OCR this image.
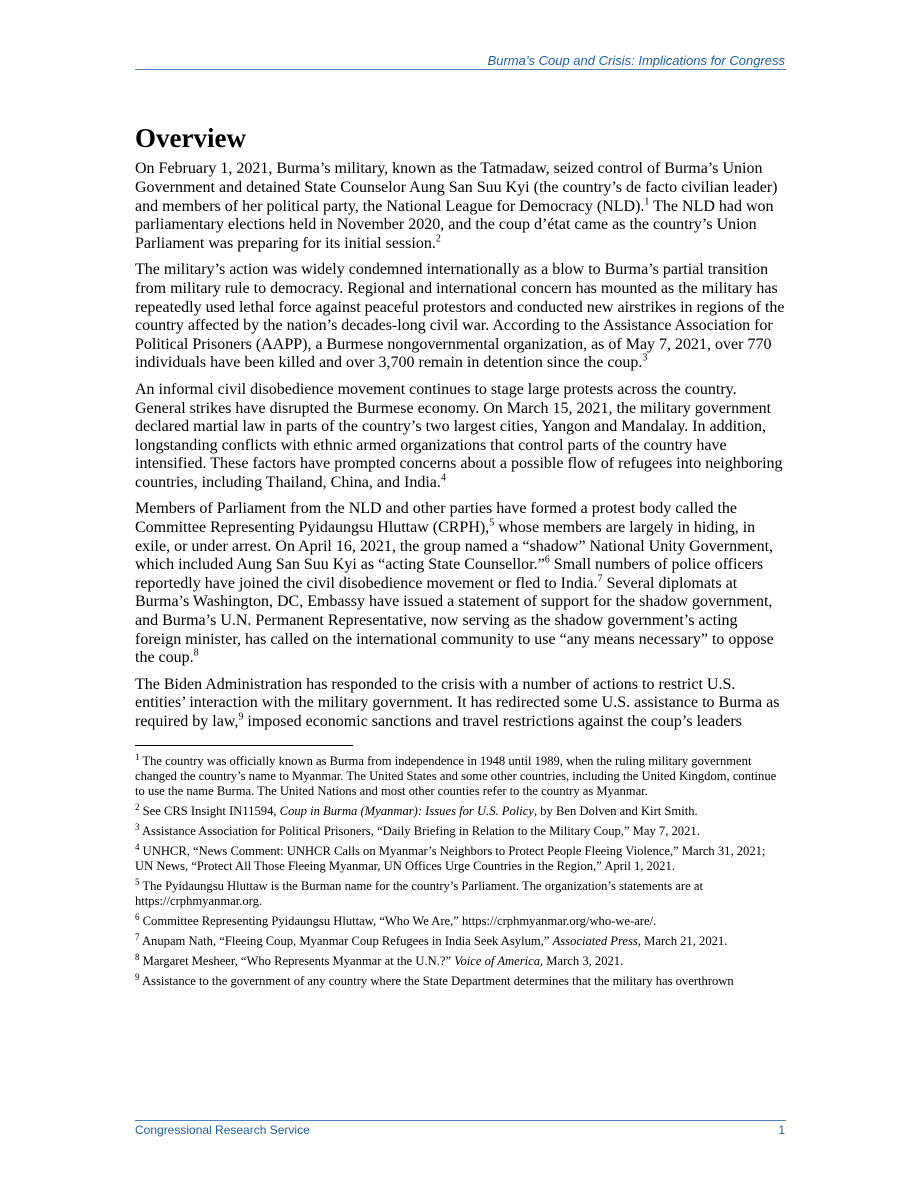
Burma’s Coup and Crisis: Implications for Congress
Overview

On February 1, 2021, Burma’s military, known as the Tatmadaw, seized control of Burma’s Union Government and detained State Counselor Aung San Suu Kyi (the country’s de facto civilian leader) and members of her political party, the National League for Democracy (NLD).$^1$ The NLD had won parliamentary elections held in November 2020, and the coup d’état came as the country’s Union Parliament was preparing for its initial session.$^2$

The military’s action was widely condemned internationally as a blow to Burma’s partial transition from military rule to democracy. Regional and international concern has mounted as the military has repeatedly used lethal force against peaceful protestors and conducted new airstrikes in regions of the country affected by the nation’s decades-long civil war. According to the Assistance Association for Political Prisoners (AAPP), a Burmese nongovernmental organization, as of May 7, 2021, over 770 individuals have been killed and over 3,700 remain in detention since the coup.$^3$

An informal civil disobedience movement continues to stage large protests across the country. General strikes have disrupted the Burmese economy. On March 15, 2021, the military government declared martial law in parts of the country’s two largest cities, Yangon and Mandalay. In addition, longstanding conflicts with ethnic armed organizations that control parts of the country have intensified. These factors have prompted concerns about a possible flow of refugees into neighboring countries, including Thailand, China, and India.$^4$

Members of Parliament from the NLD and other parties have formed a protest body called the Committee Representing Pyidaungsu Hluttaw (CRPH),$^5$ whose members are largely in hiding, in exile, or under arrest. On April 16, 2021, the group named a “shadow” National Unity Government, which included Aung San Suu Kyi as “acting State Counsellor.”$^6$ Small numbers of police officers reportedly have joined the civil disobedience movement or fled to India.$^7$ Several diplomats at Burma’s Washington, DC, Embassy have issued a statement of support for the shadow government, and Burma’s U.N. Permanent Representative, now serving as the shadow government’s acting foreign minister, has called on the international community to use “any means necessary” to oppose the coup.$^8$

The Biden Administration has responded to the crisis with a number of actions to restrict U.S. entities’ interaction with the military government. It has redirected some U.S. assistance to Burma as required by law,$^9$ imposed economic sanctions and travel restrictions against the coup’s leaders

$^1$ The country was officially known as Burma from independence in 1948 until 1989, when the ruling military government changed the country’s name to Myanmar. The United States and some other countries, including the United Kingdom, continue to use the name Burma. The United Nations and most other counties refer to the country as Myanmar.

$^2$ See CRS Insight IN11594, Coup in Burma (Myanmar): Issues for U.S. Policy, by Ben Dolven and Kirt Smith.

$^3$ Assistance Association for Political Prisoners, “Daily Briefing in Relation to the Military Coup,” May 7, 2021.

$^4$ UNHCR, “News Comment: UNHCR Calls on Myanmar’s Neighbors to Protect People Fleeing Violence,” March 31, 2021; UN News, “Protect All Those Fleeing Myanmar, UN Offices Urge Countries in the Region,” April 1, 2021.

$^5$ The Pyidaungsu Hluttaw is the Burman name for the country’s Parliament. The organization’s statements are at https://crphmyanmar.org.

$^6$ Committee Representing Pyidaungsu Hluttaw, “Who We Are,” https://crphmyanmar.org/who-we-are/.

$^7$ Anupam Nath, “Fleeing Coup, Myanmar Coup Refugees in India Seek Asylum,” Associated Press, March 21, 2021.

$^8$ Margaret Mesheer, “Who Represents Myanmar at the U.N.?” Voice of America, March 3, 2021.

$^9$ Assistance to the government of any country where the State Department determines that the military has overthrown

Congressional Research Service	1
